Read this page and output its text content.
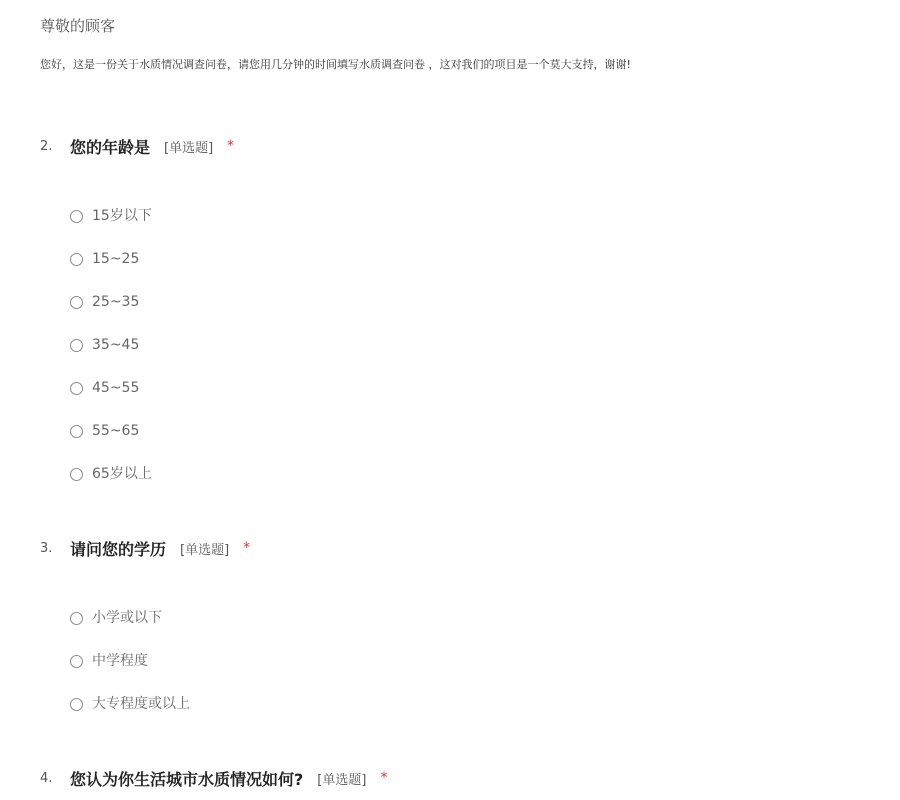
尊敬的顾客
您好，这是一份关于水质情况调查问卷，请您用几分钟的时间填写水质调查问卷 ，这对我们的项目是一个莫大支持，谢谢!
2.	您的年龄是 [单选题] *
15岁以下
15~25
25~35
35~45
45~55
55~65
65岁以上
3.	请问您的学历 [单选题] *
小学或以下
中学程度
大专程度或以上
4.	您认为你生活城市水质情况如何? [单选题] *
